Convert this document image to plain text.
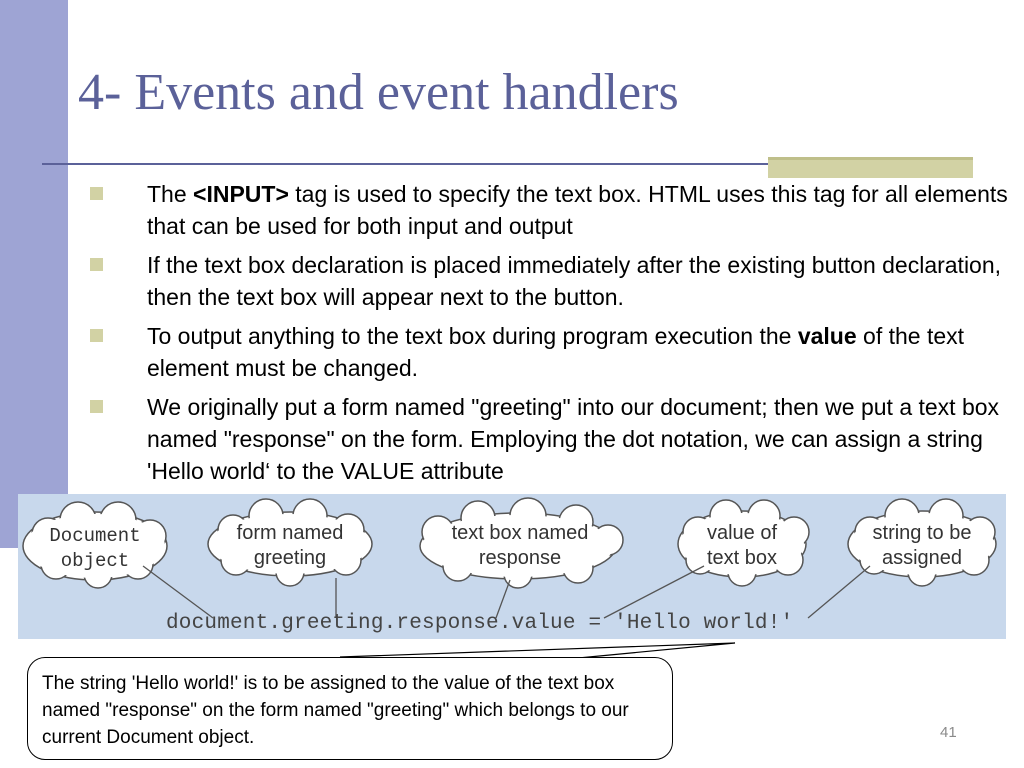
4- Events and event handlers
The <INPUT> tag is used to specify the text box. HTML uses this tag for all elements that can be used for both input and output
If the text box declaration is placed immediately after the existing button declaration, then the text box will appear next to the button.
To output anything to the text box during program execution the value of the text element must be changed.
We originally put a form named "greeting" into our document; then we put a text box named "response" on the form. Employing the dot notation, we can assign a string 'Hello world‘ to the VALUE attribute
Document
object
form named
greeting
text box named
response
value of
text box
string to be
assigned
document.greeting.response.value = 'Hello world!'
The string 'Hello world!' is to be assigned to the value of the text box named "response" on the form named "greeting" which belongs to our current Document object.	41
